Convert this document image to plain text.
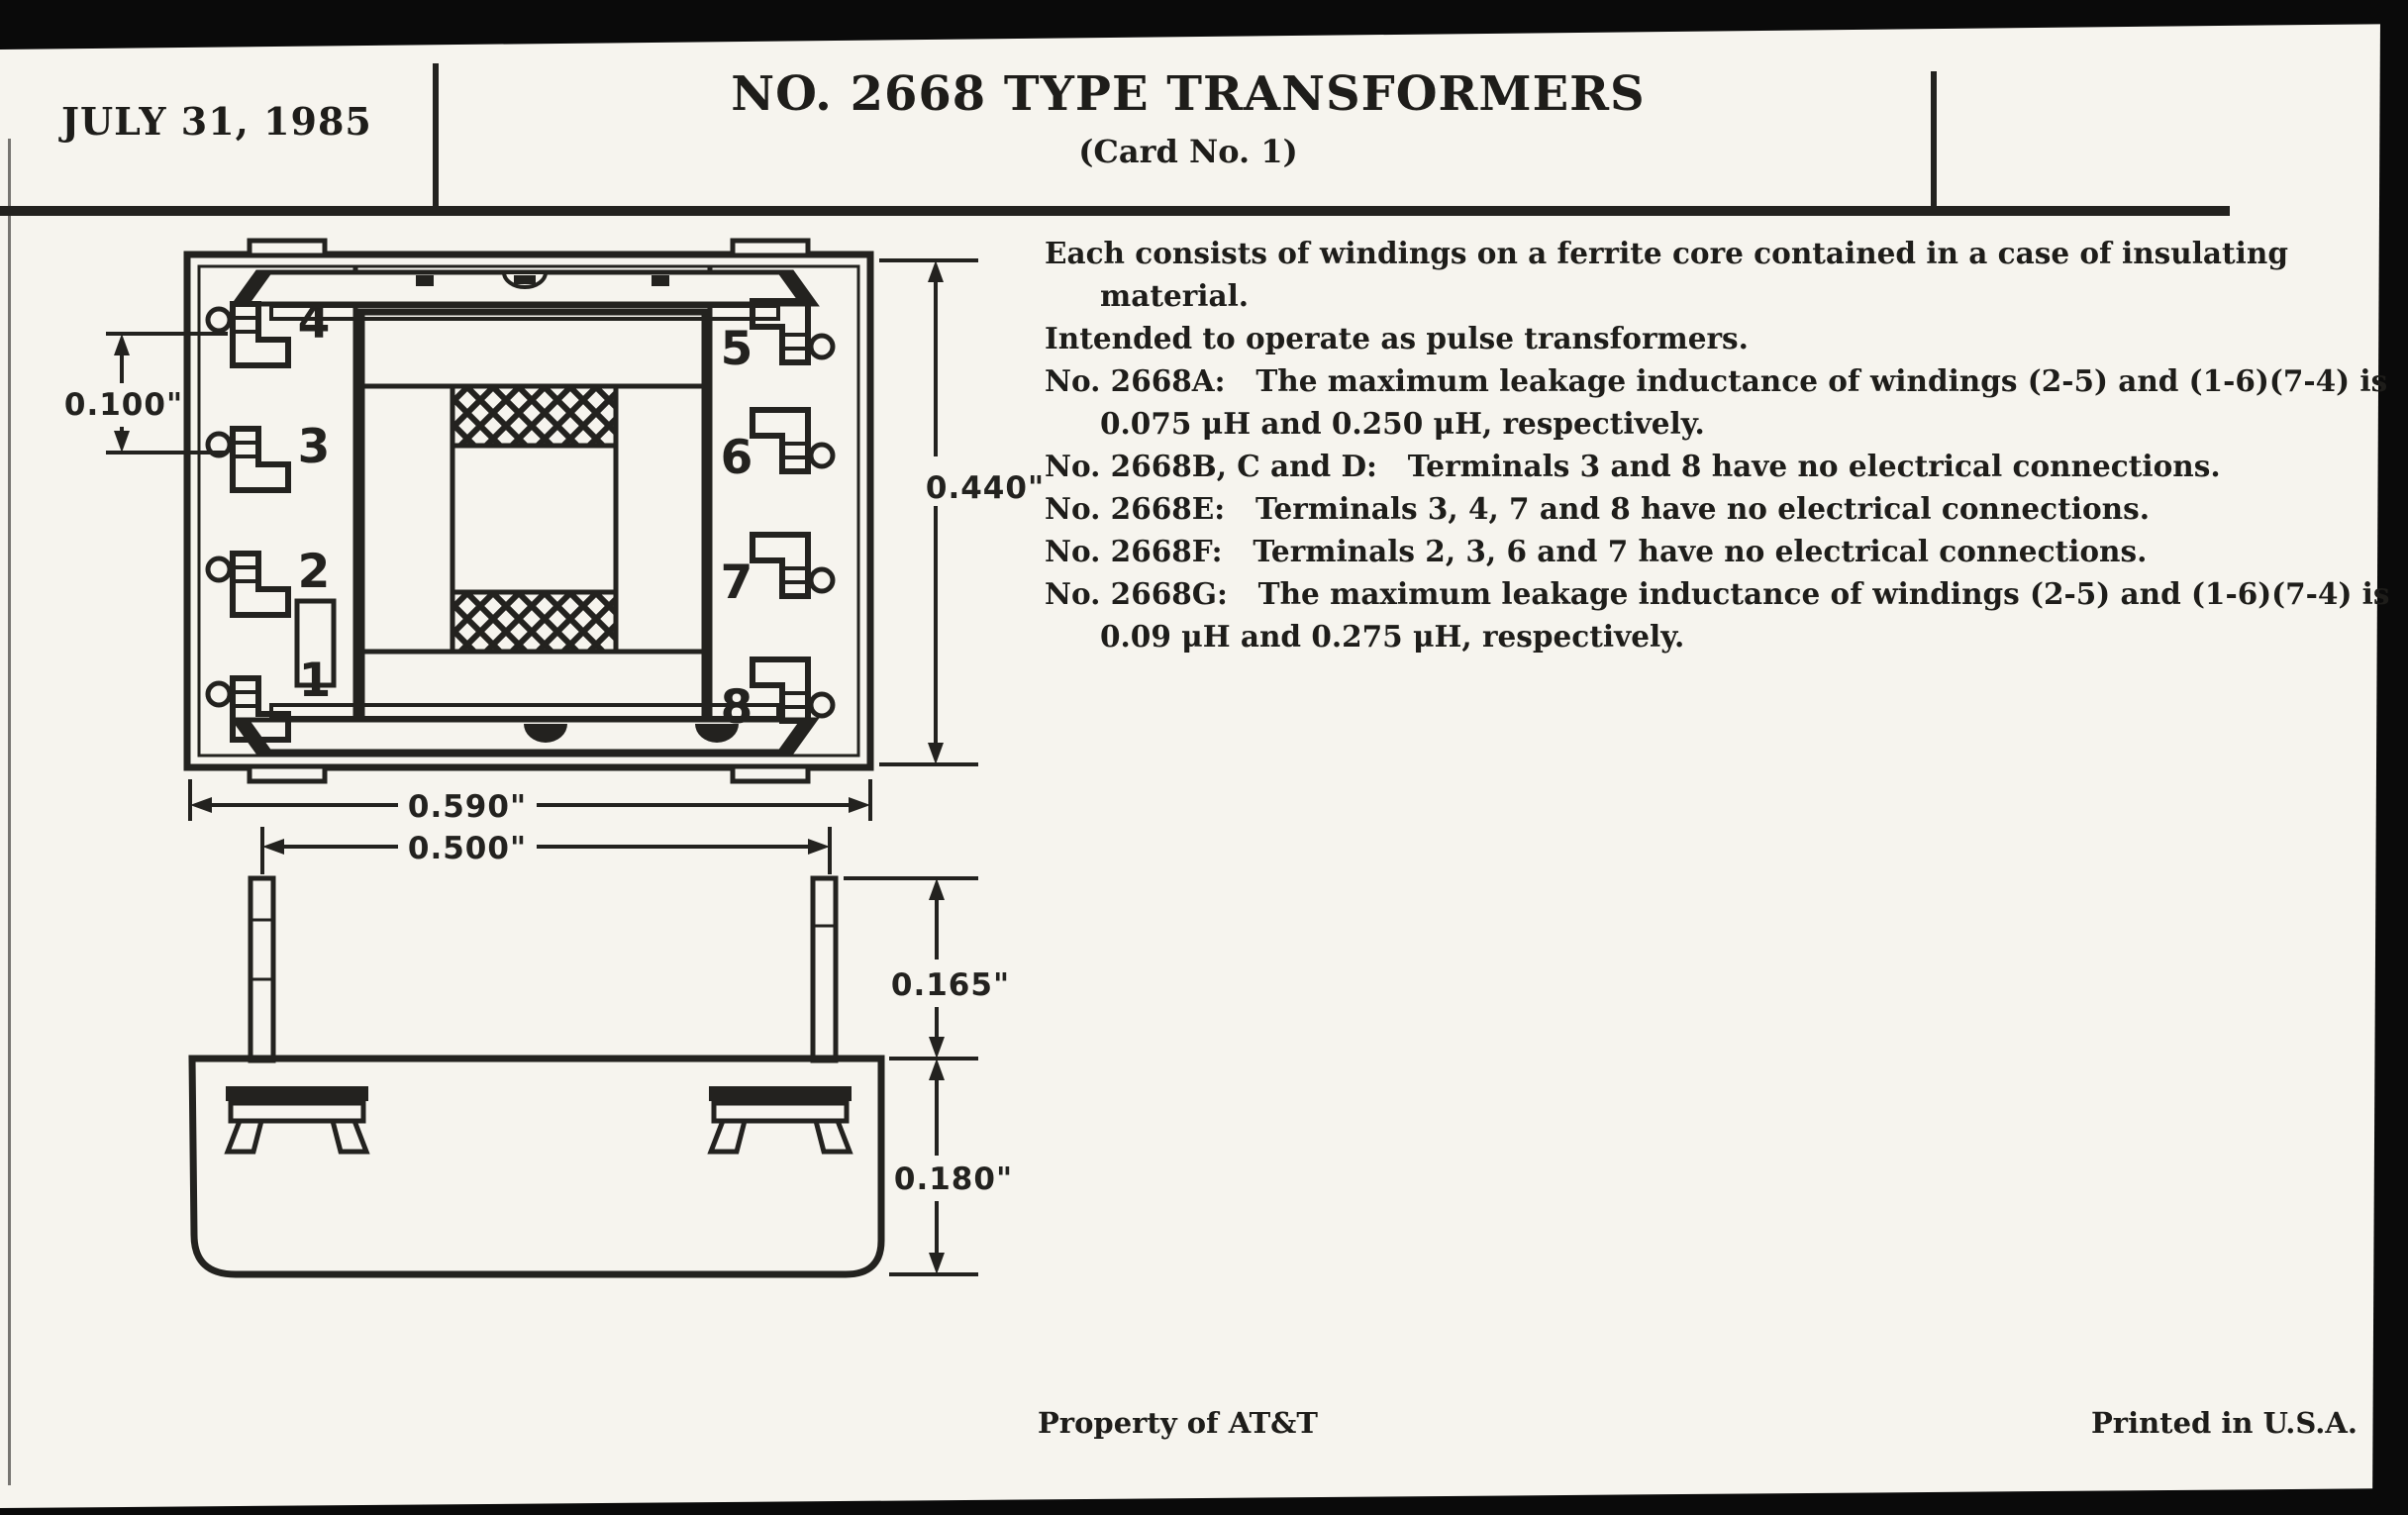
JULY 31, 1985	NO. 2668 TYPE TRANSFORMERS
(Card No. 1)
4
3
2
1
5
6
7
8
0.100"
0.440"
0.590"
0.500"
0.165"
0.180"
Each consists of windings on a ferrite core contained in a case of insulating
material.
Intended to operate as pulse transformers.
No. 2668A:   The maximum leakage inductance of windings (2-5) and (1-6)(7-4) is
0.075 μH and 0.250 μH, respectively.
No. 2668B, C and D:   Terminals 3 and 8 have no electrical connections.
No. 2668E:   Terminals 3, 4, 7 and 8 have no electrical connections.
No. 2668F:   Terminals 2, 3, 6 and 7 have no electrical connections.
No. 2668G:   The maximum leakage inductance of windings (2-5) and (1-6)(7-4) is
0.09 μH and 0.275 μH, respectively.
Property of AT&T	Printed in U.S.A.
